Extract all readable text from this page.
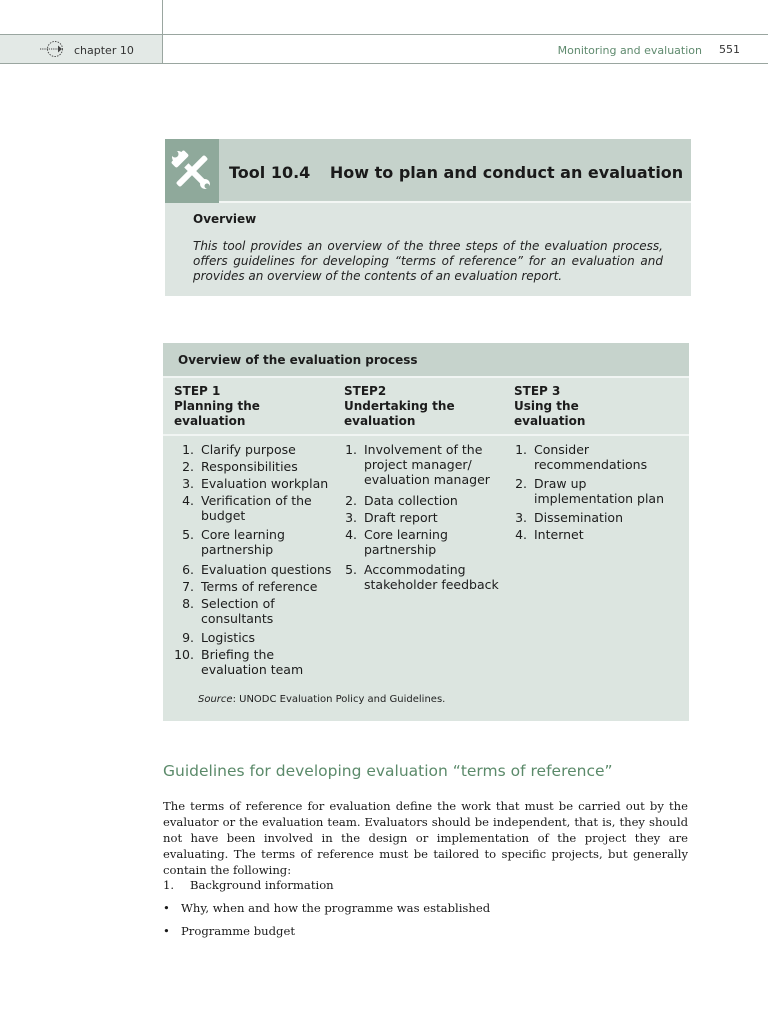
chapter 10	Monitoring and evaluation 551
Tool 10.4 How to plan and conduct an evaluation
Overview
This tool provides an overview of the three steps of the evaluation process, offers guidelines for developing “terms of reference” for an evaluation and provides an overview of the contents of an evaluation report.
Overview of the evaluation process
STEP 1
Planning the evaluation
STEP2
Undertaking the evaluation
STEP 3
Using the evaluation
1. Clarify purpose
2. Responsibilities
3. Evaluation workplan
4. Verification of the budget
5. Core learning partnership
6. Evaluation questions
7. Terms of reference
8. Selection of consultants
9. Logistics
10. Briefing the evaluation team
1. Involvement of the project manager/ evaluation manager
2. Data collection
3. Draft report
4. Core learning partnership
5. Accommodating stakeholder feedback
1. Consider recommendations
2. Draw up implementation plan
3. Dissemination
4. Internet
Source: UNODC Evaluation Policy and Guidelines.
Guidelines for developing evaluation “terms of reference”
The terms of reference for evaluation define the work that must be carried out by the evaluator or the evaluation team. Evaluators should be independent, that is, they should not have been involved in the design or implementation of the project they are evaluating. The terms of reference must be tailored to specific projects, but generally contain the following:
1. Background information
• Why, when and how the programme was established
• Programme budget
